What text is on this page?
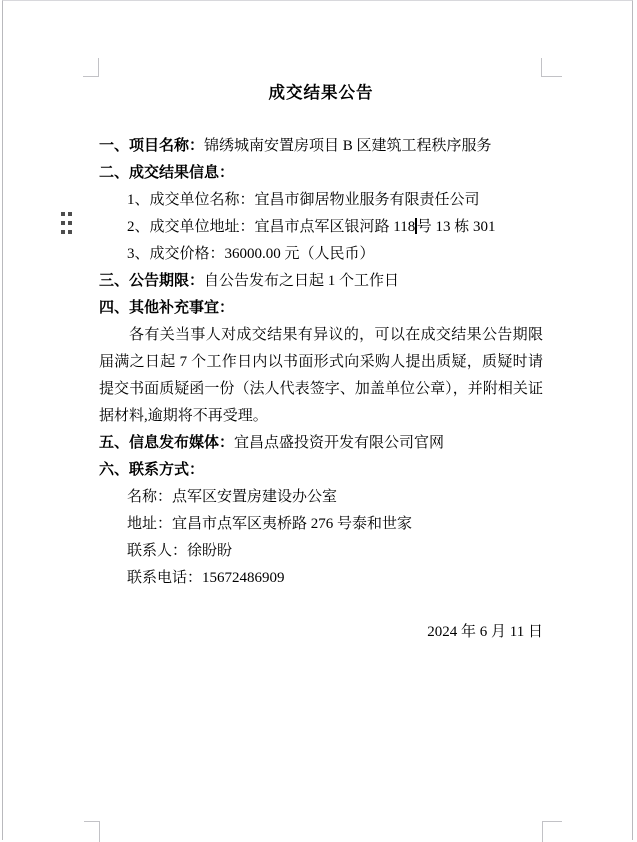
成交结果公告
一、项目名称：锦绣城南安置房项目 B 区建筑工程秩序服务
二、成交结果信息：
1、成交单位名称：宜昌市御居物业服务有限责任公司
2、成交单位地址：宜昌市点军区银河路 118 号 13 栋 301
3、成交价格：36000.00 元（人民币）
三、公告期限：自公告发布之日起 1 个工作日
四、其他补充事宜：
各有关当事人对成交结果有异议的，可以在成交结果公告期限届满之日起 7 个工作日内以书面形式向采购人提出质疑，质疑时请提交书面质疑函一份（法人代表签字、加盖单位公章），并附相关证据材料,逾期将不再受理。
五、信息发布媒体：宜昌点盛投资开发有限公司官网
六、联系方式：
名称：点军区安置房建设办公室
地址：宜昌市点军区夷桥路 276 号泰和世家
联系人：徐盼盼
联系电话：15672486909
2024 年 6 月 11 日
